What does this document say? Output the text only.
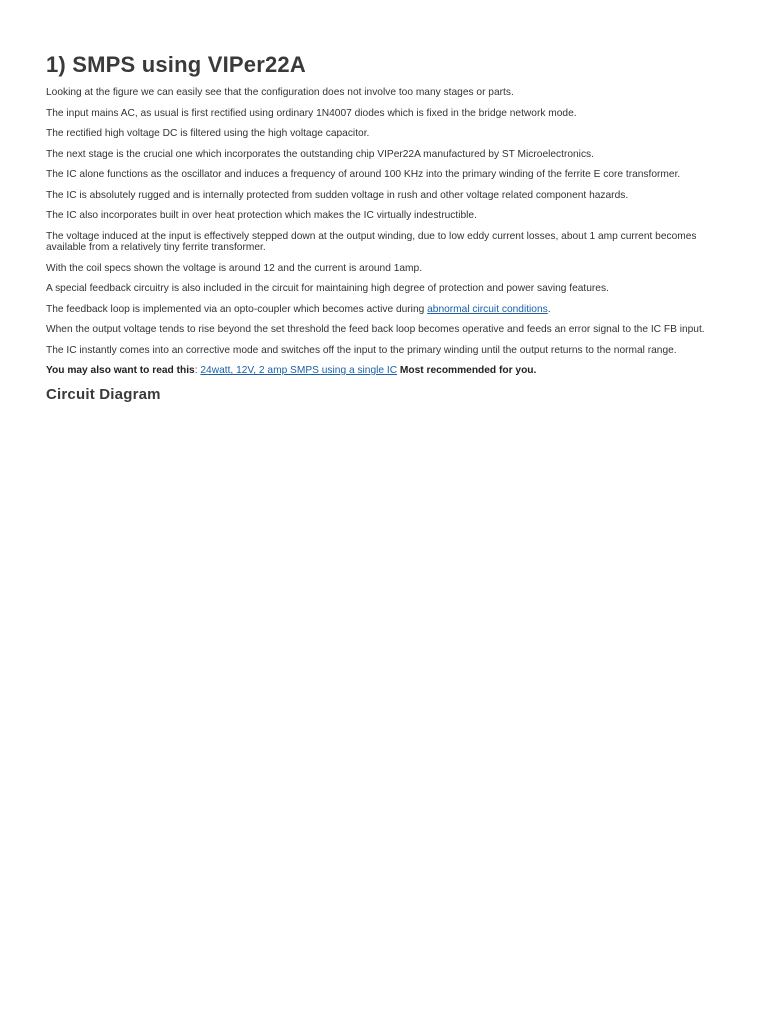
1) SMPS using VIPer22A

Looking at the figure we can easily see that the configuration does not involve too many stages or parts.

The input mains AC, as usual is first rectified using ordinary 1N4007 diodes which is fixed in the bridge network mode.

The rectified high voltage DC is filtered using the high voltage capacitor.

The next stage is the crucial one which incorporates the outstanding chip VIPer22A manufactured by ST Microelectronics.

The IC alone functions as the oscillator and induces a frequency of around 100 KHz into the primary winding of the ferrite E core transformer.

The IC is absolutely rugged and is internally protected from sudden voltage in rush and other voltage related component hazards.

The IC also incorporates built in over heat protection which makes the IC virtually indestructible.

The voltage induced at the input is effectively stepped down at the output winding, due to low eddy current losses, about 1 amp current becomes available from a relatively tiny ferrite transformer.

With the coil specs shown the voltage is around 12 and the current is around 1amp.

A special feedback circuitry is also included in the circuit for maintaining high degree of protection and power saving features.

The feedback loop is implemented via an opto-coupler which becomes active during abnormal circuit conditions.

When the output voltage tends to rise beyond the set threshold the feed back loop becomes operative and feeds an error signal to the IC FB input.

The IC instantly comes into an corrective mode and switches off the input to the primary winding until the output returns to the normal range.

You may also want to read this: 24watt, 12V, 2 amp SMPS using a single IC Most recommended for you.

Circuit Diagram
